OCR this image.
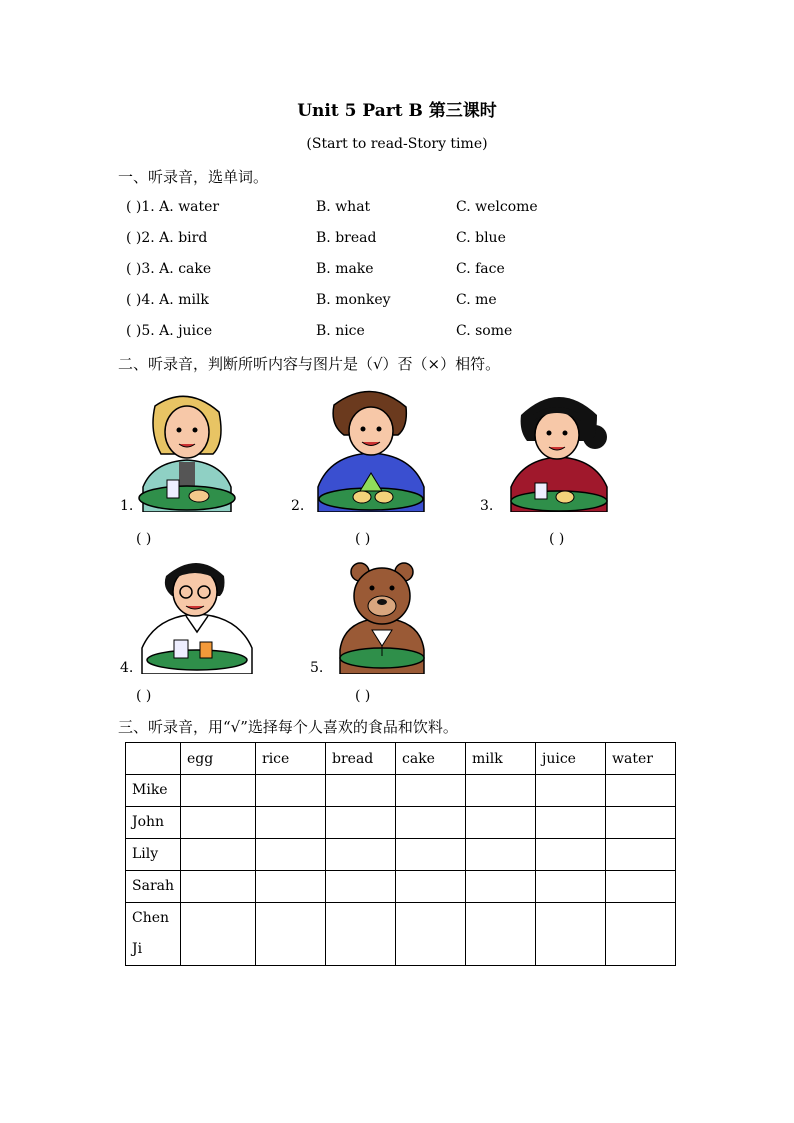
Unit 5 Part B 第三课时
(Start to read-Story time)
一、听录音，选单词。
( )1. A. water	B. what	C. welcome
( )2. A. bird	B. bread	C. blue
( )3. A. cake	B. make	C. face
( )4. A. milk	B. monkey	C. me
( )5. A. juice	B. nice	C. some
二、听录音，判断所听内容与图片是（√）否（×）相符。
1.
( )
2.
( )
3.
( )
4.
( )
5.
( )
三、听录音，用“√”选择每个人喜欢的食品和饮料。
	egg	rice	bread	cake	milk	juice	water
Mike							
John							
Lily							
Sarah							
Chen Ji							
